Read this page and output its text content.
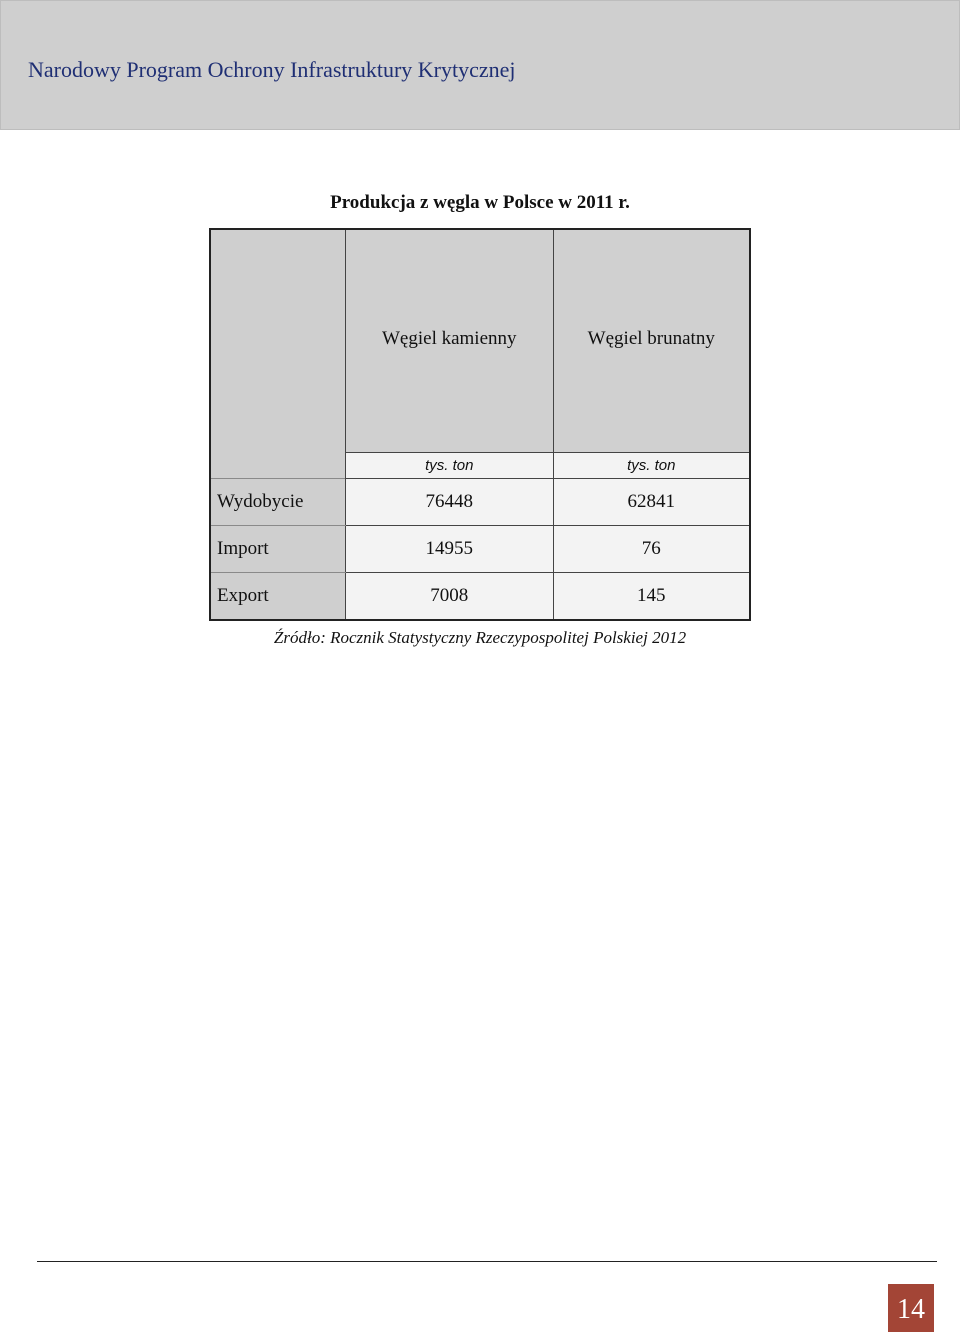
Narodowy Program Ochrony Infrastruktury Krytycznej
Produkcja z węgla w Polsce w 2011 r.
	Węgiel kamienny	Węgiel brunatny
	tys. ton	tys. ton
Wydobycie	76448	62841
Import	14955	76
Export	7008	145
Źródło: Rocznik Statystyczny Rzeczypospolitej Polskiej 2012
14
